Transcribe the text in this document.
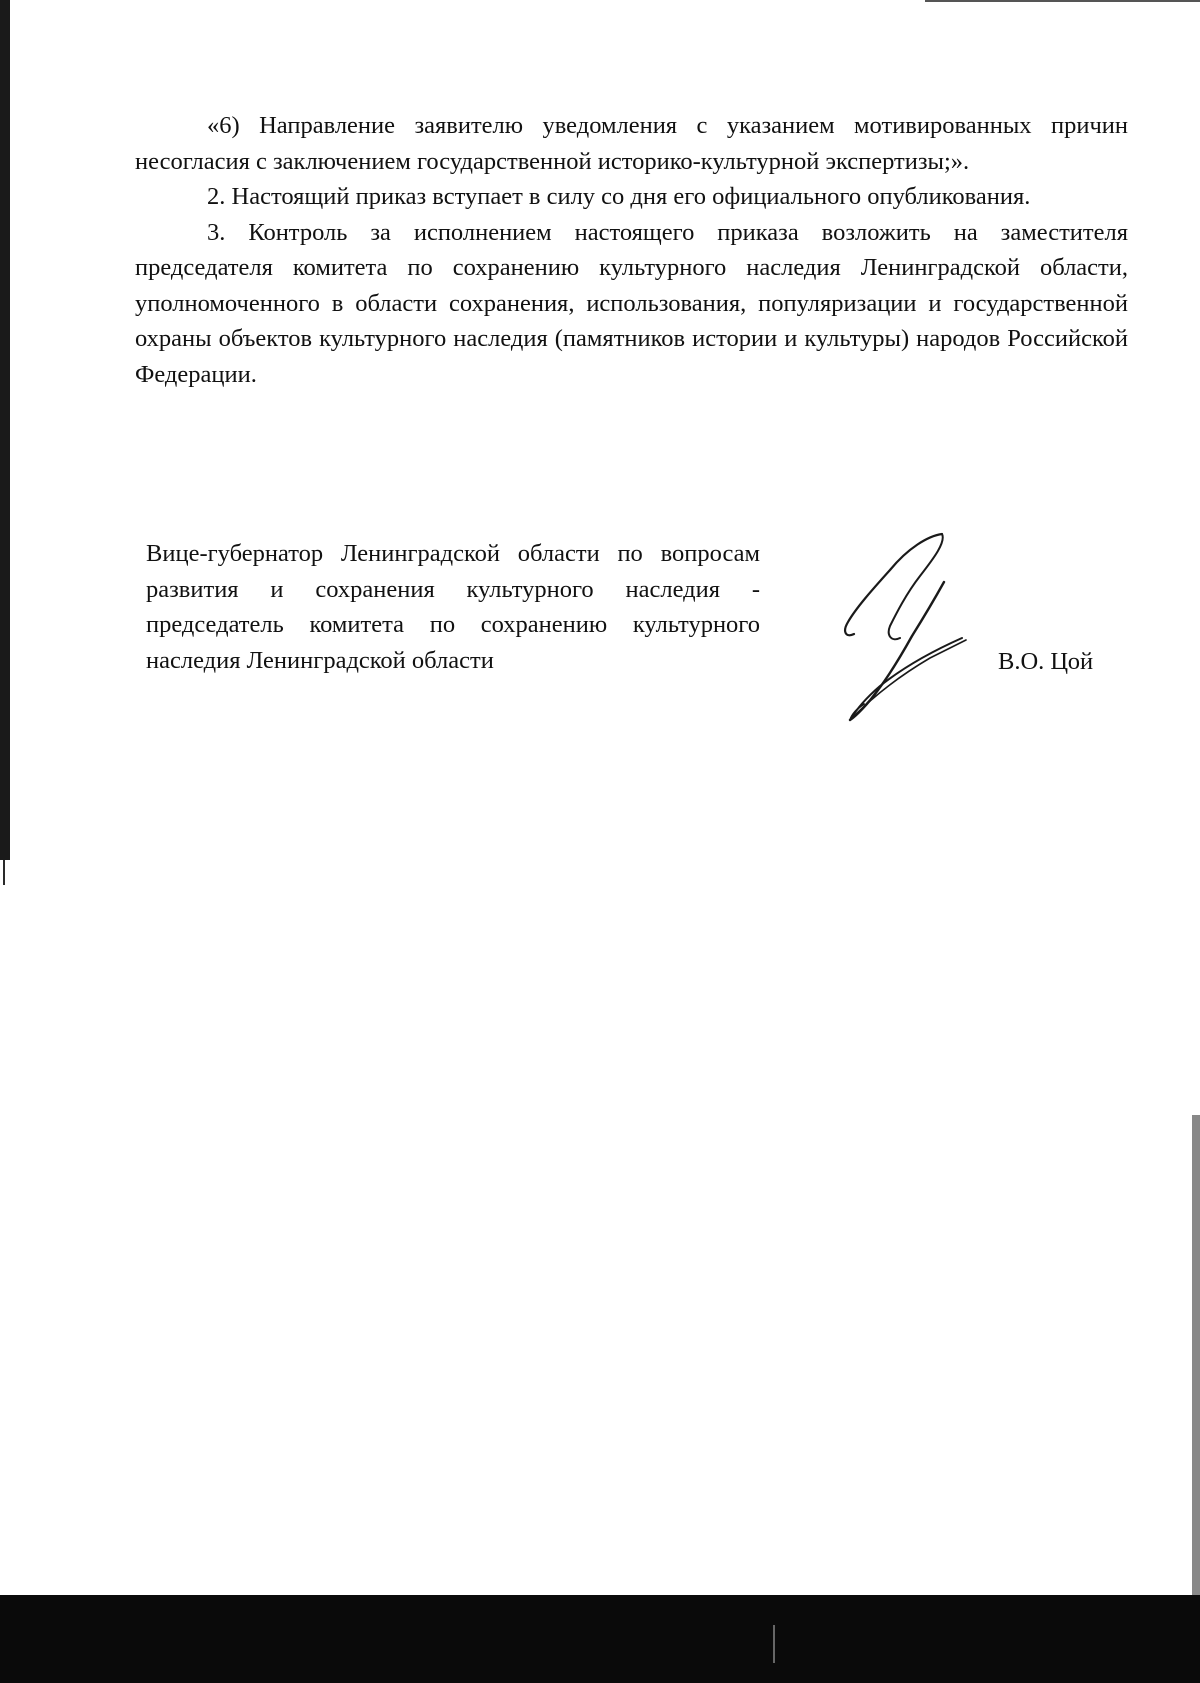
«6) Направление заявителю уведомления с указанием мотивированных причин несогласия с заключением государственной историко-культурной экспертизы;».

2. Настоящий приказ вступает в силу со дня его официального опубликования.

3. Контроль за исполнением настоящего приказа возложить на заместителя председателя комитета по сохранению культурного наследия Ленинградской области, уполномоченного в области сохранения, использования, популяризации и государственной охраны объектов культурного наследия (памятников истории и культуры) народов Российской Федерации.

Вице-губернатор Ленинградской области по вопросам развития и сохранения культурного наследия - председатель комитета по сохранению культурного наследия Ленинградской области	В.О. Цой
